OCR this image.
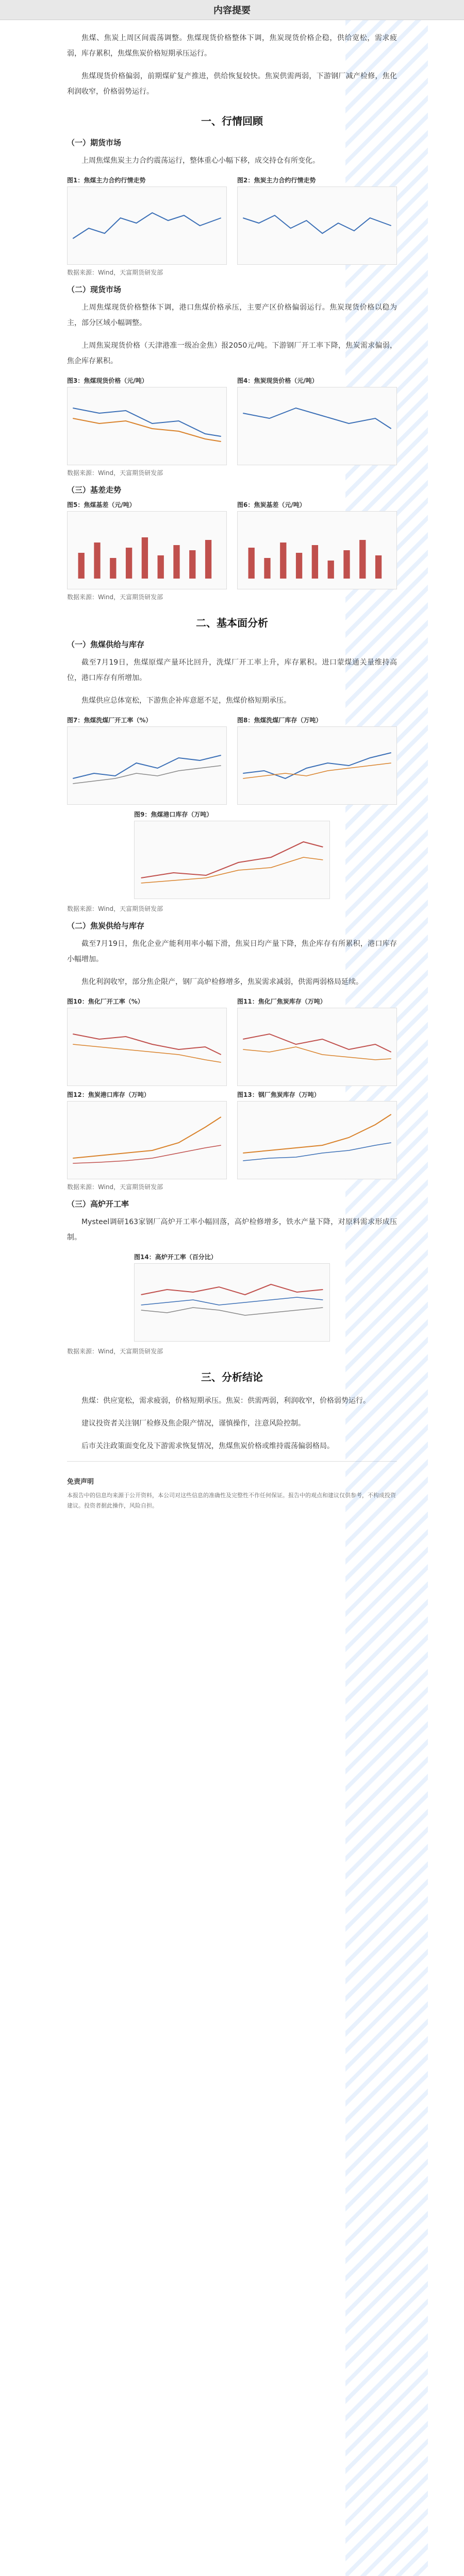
内容提要

焦煤、焦炭上周区间震荡调整。焦煤现货价格整体下调，焦炭现货价格企稳，供给宽松，需求疲弱，库存累积，焦煤焦炭价格短期承压运行。

焦煤现货价格偏弱，前期煤矿复产推进，供给恢复较快。焦炭供需两弱，下游钢厂减产检修，焦化利润收窄，价格弱势运行。

一、行情回顾
（一）期货市场

上周焦煤焦炭主力合约震荡运行，整体重心小幅下移，成交持仓有所变化。

图1：焦煤主力合约行情走势	图2：焦炭主力合约行情走势
数据来源：Wind，天富期货研发部
（二）现货市场

上周焦煤现货价格整体下调，港口焦煤价格承压，主要产区价格偏弱运行。焦炭现货价格以稳为主，部分区域小幅调整。

上周焦炭现货价格（天津港准一级冶金焦）报2050元/吨。下游钢厂开工率下降，焦炭需求偏弱，焦企库存累积。

图3：焦煤现货价格（元/吨）	图4：焦炭现货价格（元/吨）
数据来源：Wind，天富期货研发部
（三）基差走势
图5：焦煤基差（元/吨）	图6：焦炭基差（元/吨）
数据来源：Wind，天富期货研发部
二、基本面分析
（一）焦煤供给与库存

截至7月19日，焦煤原煤产量环比回升，洗煤厂开工率上升，库存累积。进口蒙煤通关量维持高位，港口库存有所增加。

焦煤供应总体宽松，下游焦企补库意愿不足，焦煤价格短期承压。

图7：焦煤洗煤厂开工率（%）	图8：焦煤洗煤厂库存（万吨）
图9：焦煤港口库存（万吨）
数据来源：Wind，天富期货研发部
（二）焦炭供给与库存

截至7月19日，焦化企业产能利用率小幅下滑，焦炭日均产量下降，焦企库存有所累积，港口库存小幅增加。

焦化利润收窄，部分焦企限产，钢厂高炉检修增多，焦炭需求减弱，供需两弱格局延续。

图10：焦化厂开工率（%）	图11：焦化厂焦炭库存（万吨）
图12：焦炭港口库存（万吨）	图13：钢厂焦炭库存（万吨）
数据来源：Wind，天富期货研发部
（三）高炉开工率

Mysteel调研163家钢厂高炉开工率小幅回落，高炉检修增多，铁水产量下降，对原料需求形成压制。

图14：高炉开工率（百分比）
数据来源：Wind，天富期货研发部
三、分析结论

焦煤：供应宽松，需求疲弱，价格短期承压。焦炭：供需两弱，利润收窄，价格弱势运行。

建议投资者关注钢厂检修及焦企限产情况，谨慎操作，注意风险控制。

后市关注政策面变化及下游需求恢复情况，焦煤焦炭价格或维持震荡偏弱格局。

免责声明
本报告中的信息均来源于公开资料，本公司对这些信息的准确性及完整性不作任何保证。报告中的观点和建议仅供参考，不构成投资建议。投资者据此操作，风险自担。
